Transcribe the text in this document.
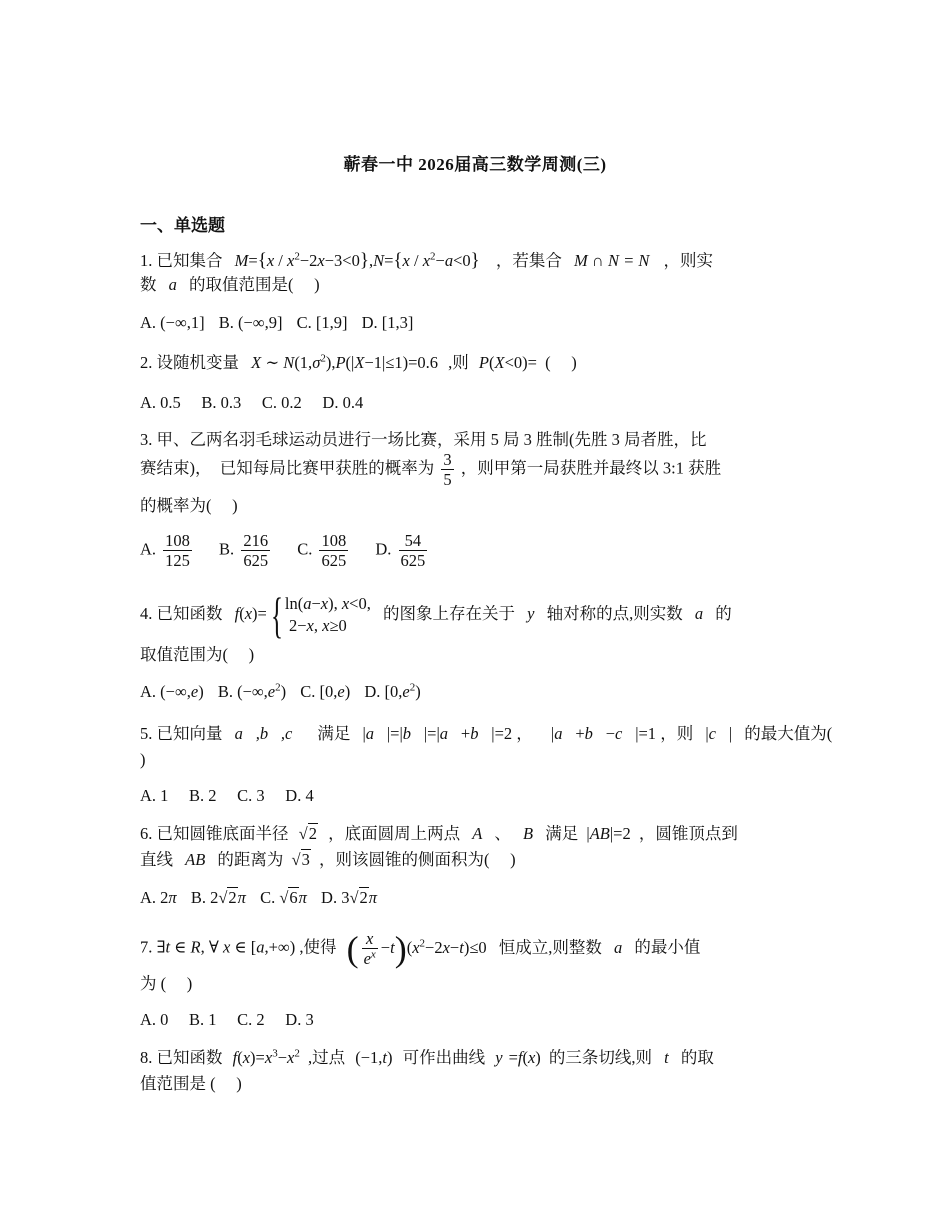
蕲春一中 2026届高三数学周测(三)
一、单选题
1. 已知集合 $M=\{x / x^2-2x-3<0\},N=\{x / x^2-a<0\}$ ，若集合 M ∩ N = N ，则实
数 a 的取值范围是(　 )
A. (−∞,1] B. (−∞,9] C. [1,9] D. [1,3]
2. 设随机变量 X ∼ $N(1,\sigma^2),P(|X-1|\le 1)=0.6$ ,则 P(X<0)= (　 )
A. 0.5　 B. 0.3　 C. 0.2　 D. 0.4
3. 甲、乙两名羽毛球运动员进行一场比赛，采用 5 局 3 胜制(先胜 3 局者胜，比
赛结束)，　已知每局比赛甲获胜的概率为 $\frac{3}{5}$ ，则甲第一局获胜并最终以 3:1 获胜
的概率为(　 )
A. $\frac{108}{125} B$. $\frac{216}{625} C$. $\frac{108}{625} D$. $\frac{54}{625}$
4. 已知函数 f(x)={ ln(a−x), x<0,
2−x, x≥0
的图象上存在关于 y 轴对称的点,则实数 a 的
取值范围为(　 )
A. (−∞,e) B. $(-\infty,e^2)$ C. [0,e) D. $[0,e^2)$
5. 已知向量 a⃗,b⃗,c⃗ 满足 |a⃗|=|b⃗|=|a⃗+b⃗|=2 ， |a⃗+b⃗−c⃗|=1 ，则 |c⃗| 的最大值为(
)
A. 1　 B. 2　 C. 3　 D. 4
6. 已知圆锥底面半径 √2 ，底面圆周上两点 A 、 B 满足 |AB|=2 ，圆锥顶点到
直线 AB 的距离为 √3 ，则该圆锥的侧面积为(　 )
A. 2π B. 2√2π C. √6π D. 3√2π
7. ∃t ∈ R, ∀ x ∈ [a,+∞) ,使得 ( $\frac{x}{e^x} -t)(x^2-2x-t)\le 0$ 恒成立,则整数 a 的最小值
为 (　 )
A. 0　 B. 1　 C. 2　 D. 3
8. 已知函数 $f(x)=x^3-x^2$ ,过点 (−1,t) 可作出曲线 y =f(x) 的三条切线,则 t 的取
值范围是 (　 )
